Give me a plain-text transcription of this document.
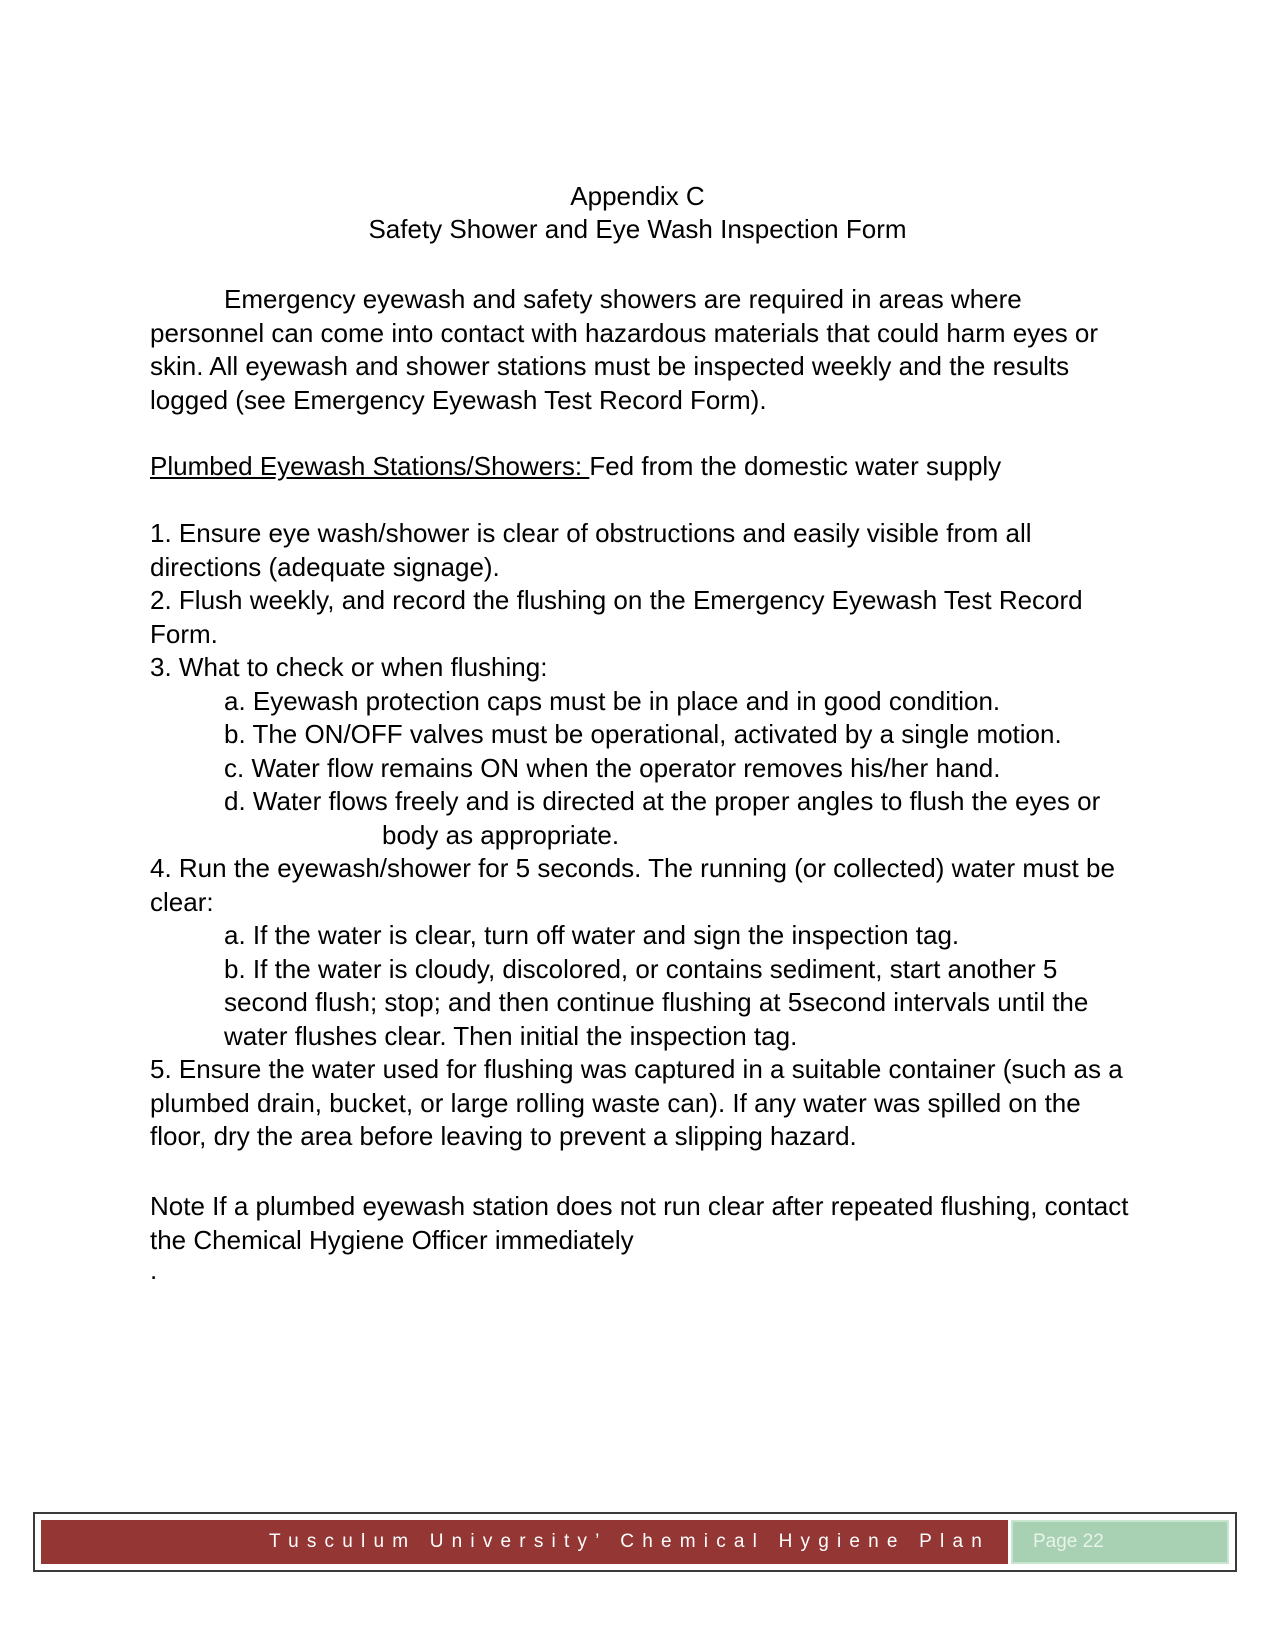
Appendix C
Safety Shower and Eye Wash Inspection Form
Emergency eyewash and safety showers are required in areas where personnel can come into contact with hazardous materials that could harm eyes or skin. All eyewash and shower stations must be inspected weekly and the results logged (see Emergency Eyewash Test Record Form).
Plumbed Eyewash Stations/Showers: Fed from the domestic water supply

1. Ensure eye wash/shower is clear of obstructions and easily visible from all directions (adequate signage).

2. Flush weekly, and record the flushing on the Emergency Eyewash Test Record Form.

3. What to check or when flushing:

a. Eyewash protection caps must be in place and in good condition.

b. The ON/OFF valves must be operational, activated by a single motion.

c. Water flow remains ON when the operator removes his/her hand.

d. Water flows freely and is directed at the proper angles to flush the eyes or

body as appropriate.

4. Run the eyewash/shower for 5 seconds. The running (or collected) water must be clear:

a. If the water is clear, turn off water and sign the inspection tag.

b. If the water is cloudy, discolored, or contains sediment, start another 5 second flush; stop; and then continue flushing at 5second intervals until the water flushes clear. Then initial the inspection tag.

5. Ensure the water used for flushing was captured in a suitable container (such as a plumbed drain, bucket, or large rolling waste can). If any water was spilled on the floor, dry the area before leaving to prevent a slipping hazard.

Note If a plumbed eyewash station does not run clear after repeated flushing, contact the Chemical Hygiene Officer immediately
.
Tusculum University’ Chemical Hygiene Plan	Page 22
